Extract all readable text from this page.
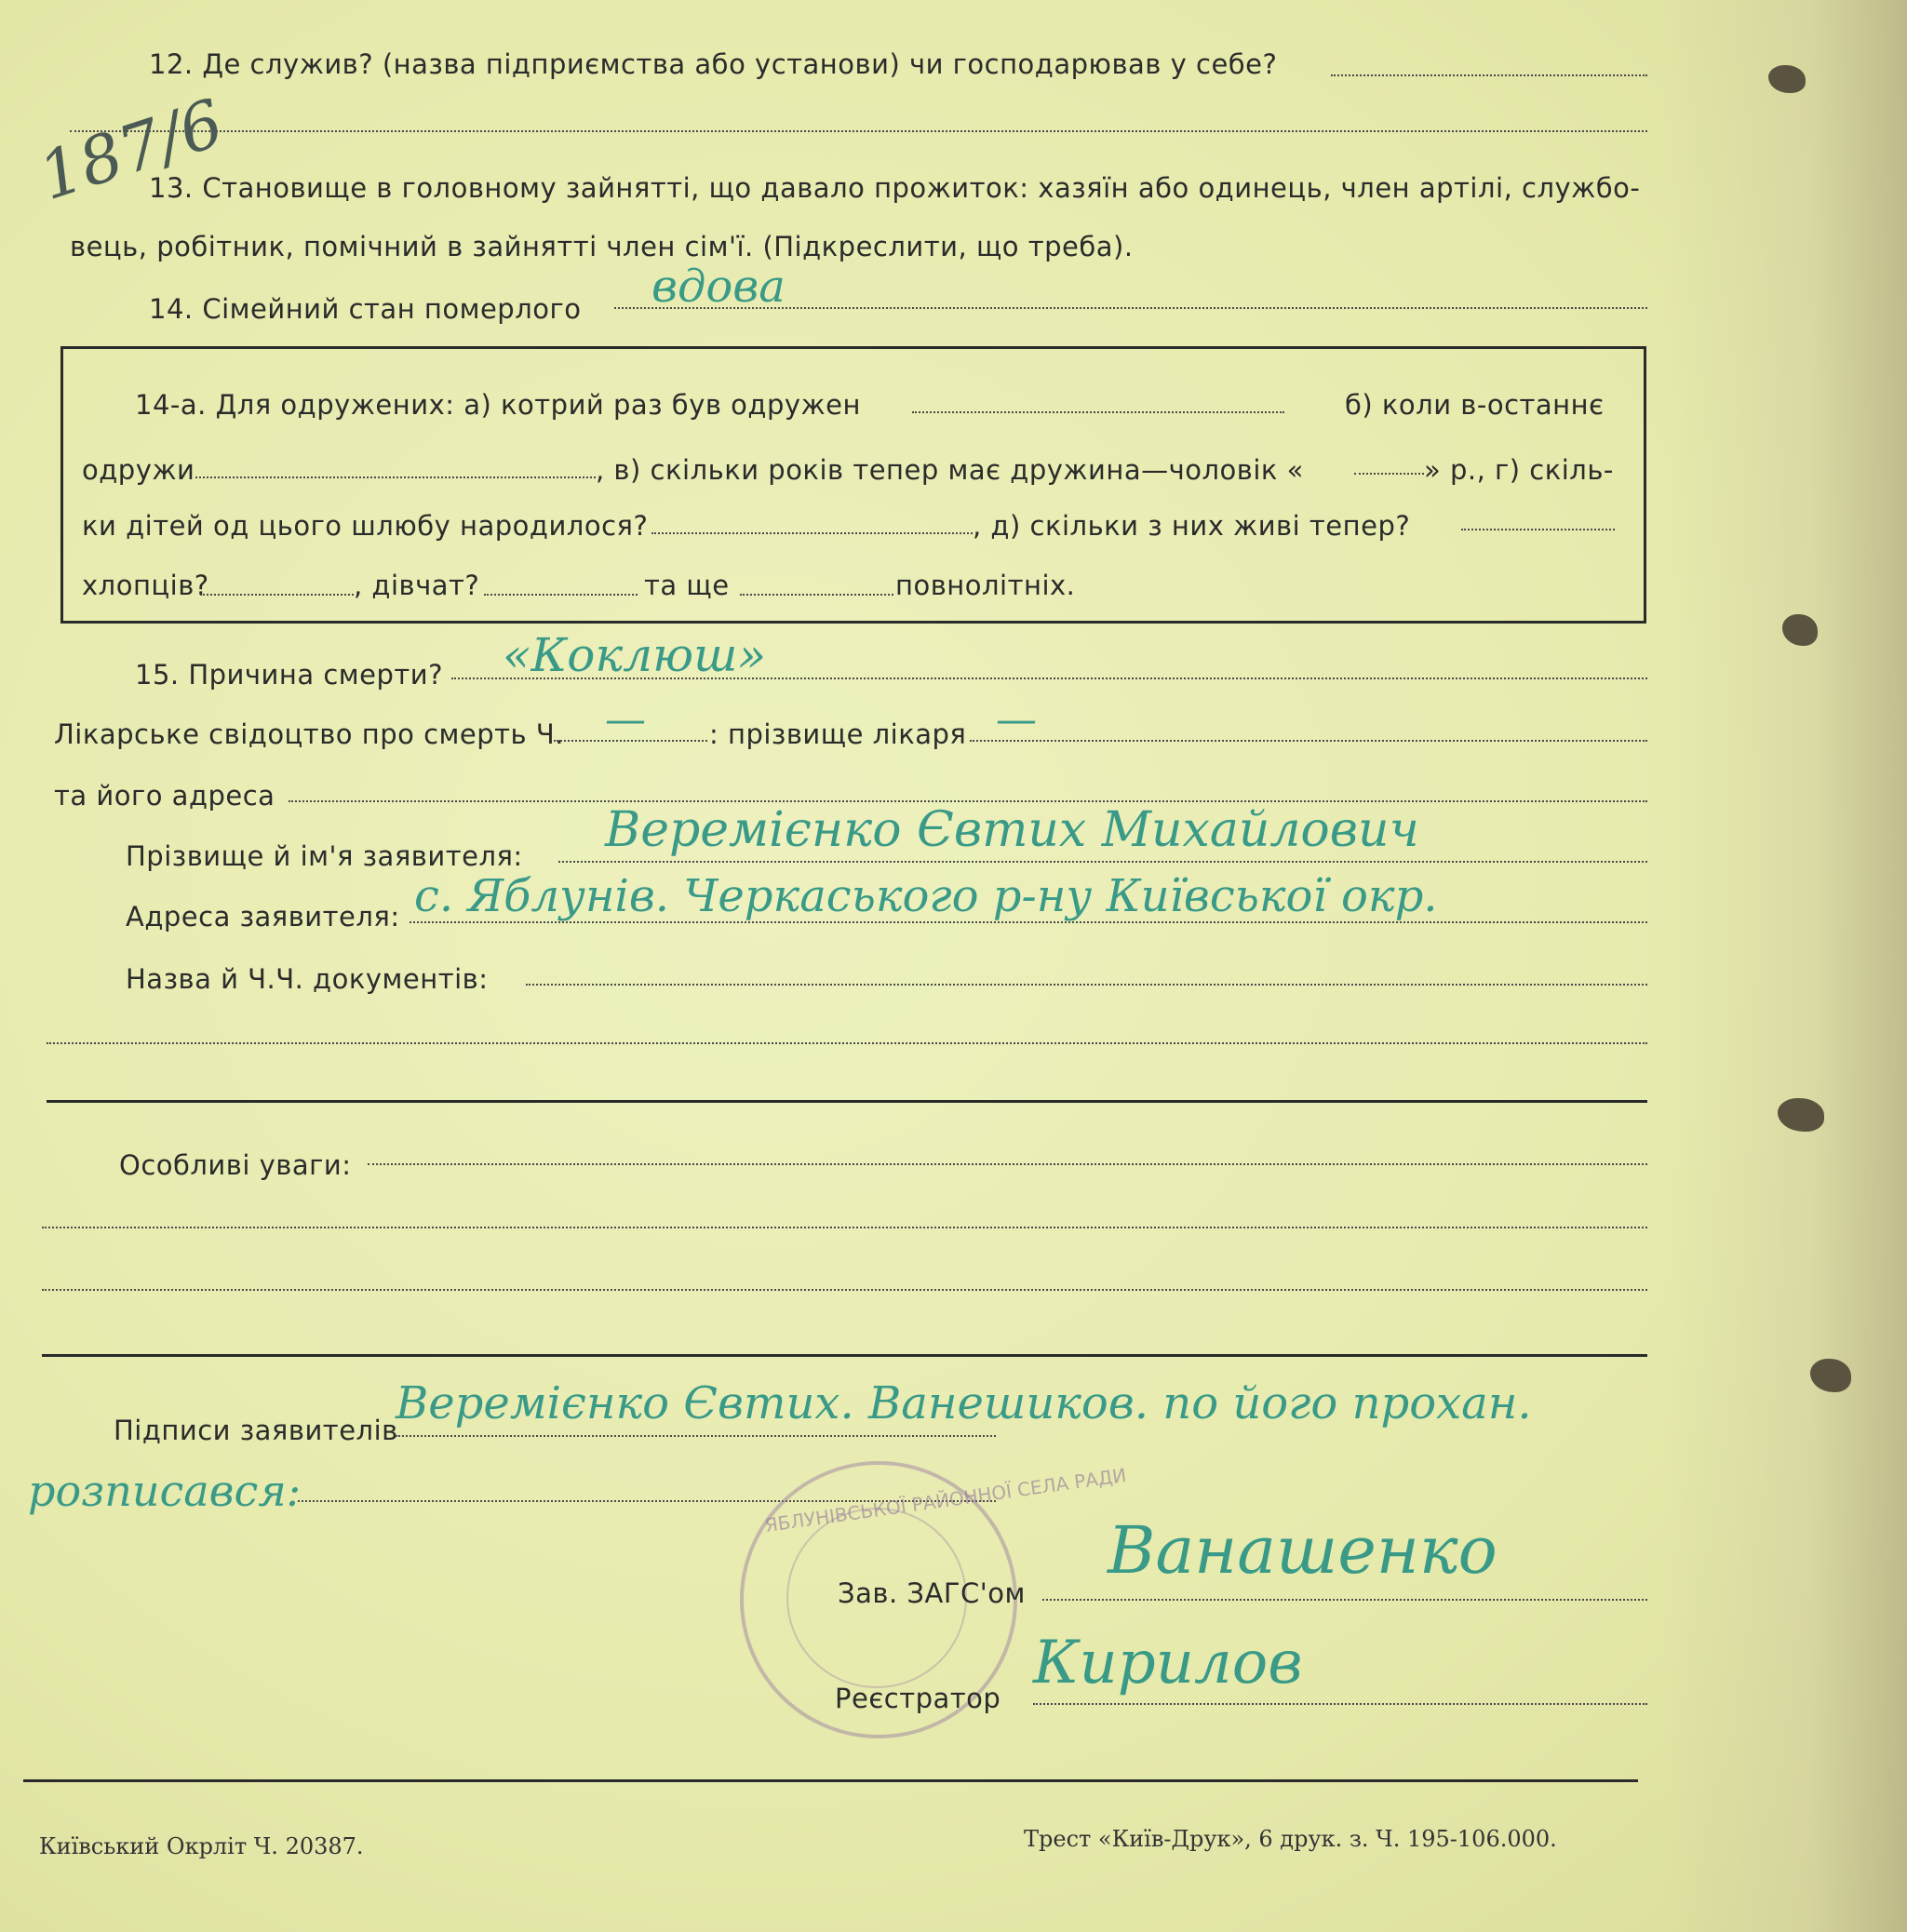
12. Де служив? (назва підприємства або установи) чи господарював у себе?
187/6
13. Становище в головному зайнятті, що давало прожиток: хазяїн або одинець, член артілі, службо-
вець, робітник, помічний в зайнятті член сім'ї. (Підкреслити, що треба).
14. Сімейний стан померлого вдова
14-а. Для одружених: а) котрий раз був одружен	б) коли в-останнє
одружи	, в) скільки років тепер має дружина—чоловік «	» р., г) скіль-
ки дітей од цього шлюбу народилося?	, д) скільки з них живі тепер?
хлопців?	, дівчат?	та ще	повнолітніх.
15. Причина смерти? «Коклюш»
Лікарське свідоцтво про смерть Ч. — : прізвище лікаря —
та його адреса
Прізвище й ім'я заявителя: Веремієнко Євтих Михайлович
Адреса заявителя: с. Яблунів. Черкаського р-ну Київської окр.
Назва й Ч.Ч. документів:
Особливі уваги:
Підписи заявителів
Веремієнко Євтих. Ванешиков. по його прохан.
розписався:	ЯБЛУНІВСЬКОЇ РАЙОННОЇ СЕЛА РАДИ
Зав. ЗАГС'ом
Ванашенко
Реєстратор
Кирилов
Київський Окрліт Ч. 20387.	Трест «Київ-Друк», 6 друк. з. Ч. 195-106.000.
